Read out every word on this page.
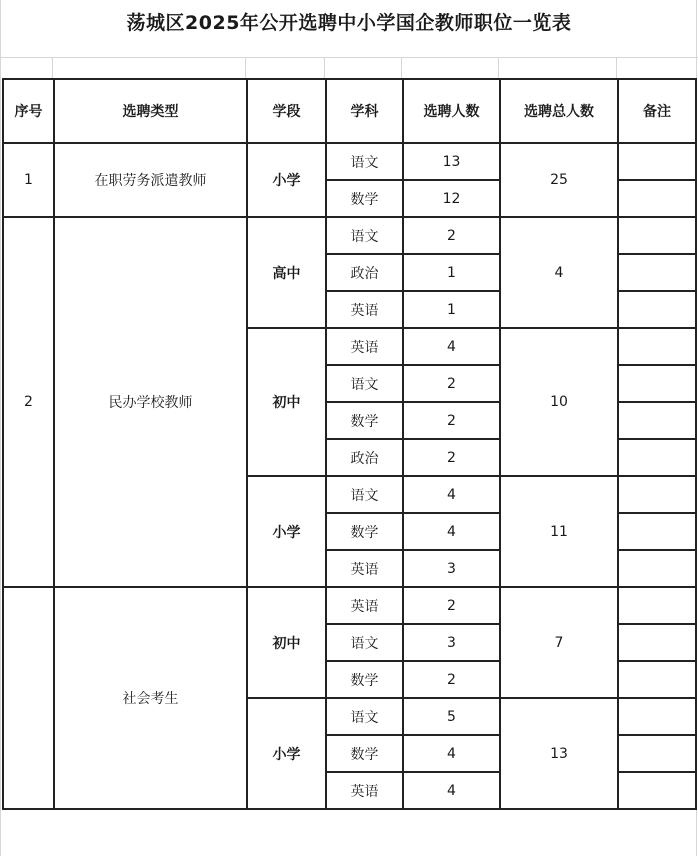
荡城区2025年公开选聘中小学国企教师职位一览表
序号	选聘类型	学段	学科	选聘人数	选聘总人数	备注
1	在职劳务派遣教师	小学	语文	13	25	
			数学	12		
2	民办学校教师	高中	语文	2	4	
			政治	1		
			英语	1		
		初中	英语	4	10	
			语文	2		
			数学	2		
			政治	2		
		小学	语文	4	11	
			数学	4		
			英语	3		
	社会考生	初中	英语	2	7	
			语文	3		
			数学	2		
		小学	语文	5	13	
			数学	4		
			英语	4		
